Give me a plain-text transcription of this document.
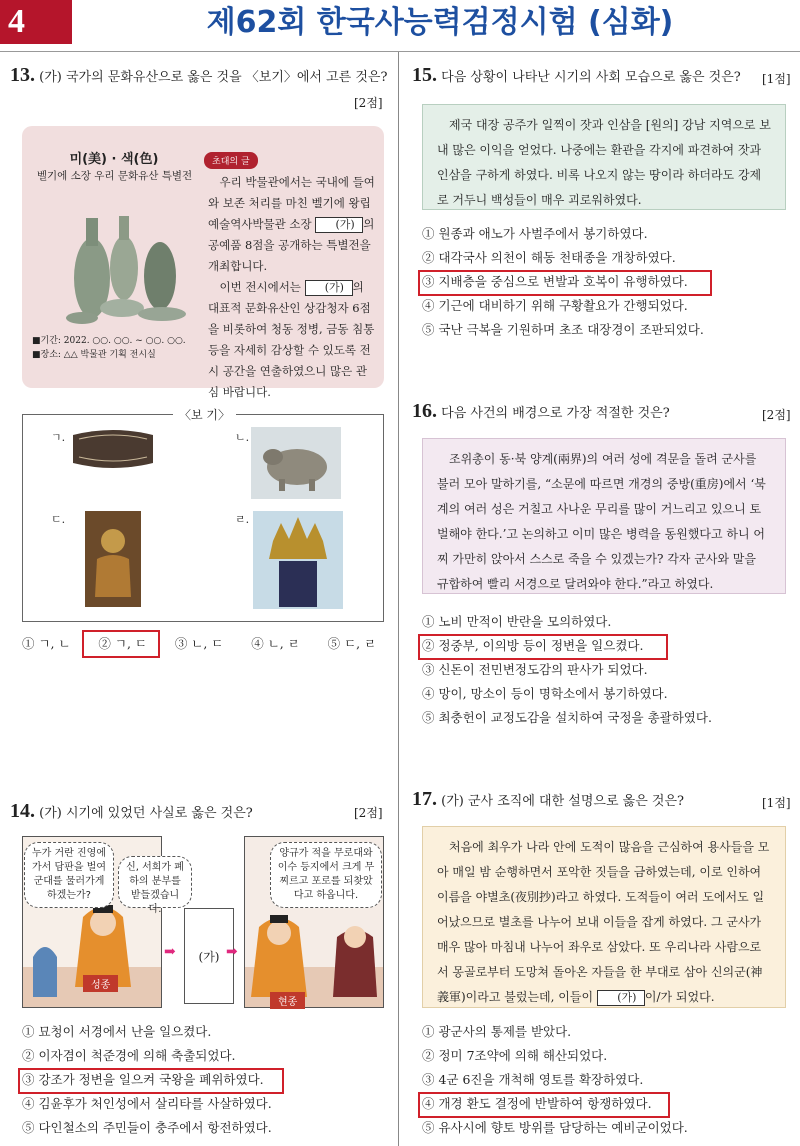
4	제62회 한국사능력검정시험 (심화)
13. (가) 국가의 문화유산으로 옳은 것을 〈보기〉에서 고른 것은?
[2점]
미(美) · 색(色)
벨기에 소장 우리 문화유산 특별전
초대의 글

우리 박물관에서는 국내에 들여와 보존 처리를 마친 벨기에 왕립예술역사박물관 소장 (가) 의 공예품 8점을 공개하는 특별전을 개최합니다.

이번 전시에서는 (가) 의 대표적 문화유산인 상감청자 6점을 비롯하여 청동 정병, 금동 침통 등을 자세히 감상할 수 있도록 전시 공간을 연출하였으니 많은 관심 바랍니다.

■기간: 2022. ○○. ○○. ~ ○○. ○○.
■장소: △△ 박물관 기획 전시실
〈보 기〉
ㄱ.	ㄴ.
ㄷ.	ㄹ.
① ㄱ, ㄴ ② ㄱ, ㄷ ③ ㄴ, ㄷ ④ ㄴ, ㄹ ⑤ ㄷ, ㄹ
14. (가) 시기에 있었던 사실로 옳은 것은?	[2점]
성종
누가 거란 진영에 가서 담판을 벌여 군대를 물러가게 하겠는가?
신, 서희가 폐하의 분부를 받들겠습니다.
➡ (가) ➡
현종
양규가 적을 무로대와 이수 등지에서 크게 무찌르고 포로를 되찾았다고 하옵니다.
① 묘청이 서경에서 난을 일으켰다.
② 이자겸이 척준경에 의해 축출되었다.
③ 강조가 정변을 일으켜 국왕을 폐위하였다.
④ 김윤후가 처인성에서 살리타를 사살하였다.
⑤ 다인철소의 주민들이 충주에서 항전하였다.
15. 다음 상황이 나타난 시기의 사회 모습으로 옳은 것은? [1점]

제국 대장 공주가 일찍이 잣과 인삼을 [원의] 강남 지역으로 보내 많은 이익을 얻었다. 나중에는 환관을 각지에 파견하여 잣과 인삼을 구하게 하였다. 비록 나오지 않는 땅이라 하더라도 강제로 거두니 백성들이 매우 괴로워하였다.

① 원종과 애노가 사벌주에서 봉기하였다.
② 대각국사 의천이 해동 천태종을 개창하였다.
③ 지배층을 중심으로 변발과 호복이 유행하였다.
④ 기근에 대비하기 위해 구황촬요가 간행되었다.
⑤ 국난 극복을 기원하며 초조 대장경이 조판되었다.
16. 다음 사건의 배경으로 가장 적절한 것은?	[2점]

조위총이 동·북 양계(兩界)의 여러 성에 격문을 돌려 군사를 불러 모아 말하기를, “소문에 따르면 개경의 중방(重房)에서 ‘북계의 여러 성은 거칠고 사나운 무리를 많이 거느리고 있으니 토벌해야 한다.’고 논의하고 이미 많은 병력을 동원했다고 하니 어찌 가만히 앉아서 스스로 죽을 수 있겠는가? 각자 군사와 말을 규합하여 빨리 서경으로 달려와야 한다.”라고 하였다.

① 노비 만적이 반란을 모의하였다.
② 정중부, 이의방 등이 정변을 일으켰다.
③ 신돈이 전민변정도감의 판사가 되었다.
④ 망이, 망소이 등이 명학소에서 봉기하였다.
⑤ 최충헌이 교정도감을 설치하여 국정을 총괄하였다.
17. (가) 군사 조직에 대한 설명으로 옳은 것은?	[1점]

처음에 최우가 나라 안에 도적이 많음을 근심하여 용사들을 모아 매일 밤 순행하면서 포악한 짓들을 금하였는데, 이로 인하여 이름을 야별초(夜別抄)라고 하였다. 도적들이 여러 도에서도 일어났으므로 별초를 나누어 보내 이들을 잡게 하였다. 그 군사가 매우 많아 마침내 나누어 좌우로 삼았다. 또 우리나라 사람으로서 몽골로부터 도망쳐 돌아온 자들을 한 부대로 삼아 신의군(神義軍)이라고 불렀는데, 이들이 (가) 이/가 되었다.

① 광군사의 통제를 받았다.
② 정미 7조약에 의해 해산되었다.
③ 4군 6진을 개척해 영토를 확장하였다.
④ 개경 환도 결정에 반발하여 항쟁하였다.
⑤ 유사시에 향토 방위를 담당하는 예비군이었다.
